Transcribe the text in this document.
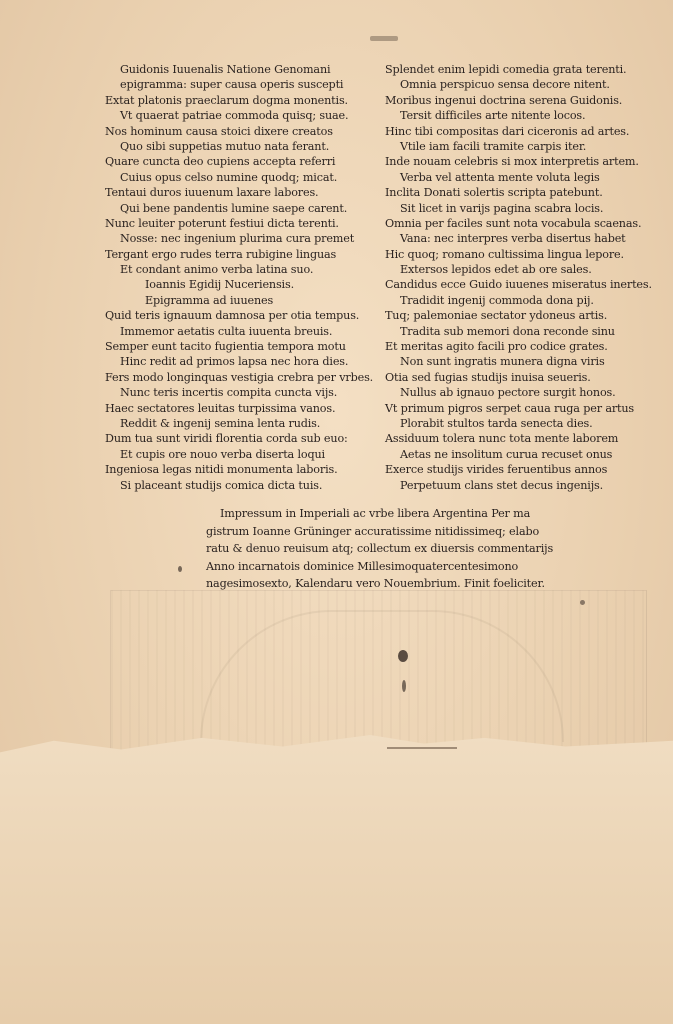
Guidonis Iuuenalis Natione Genomani
epigramma: super causa operis suscepti
Extat platonis praeclarum dogma monentis.
Vt quaerat patriae commoda quisq; suae.
Nos hominum causa stoici dixere creatos
Quo sibi suppetias mutuo nata ferant.
Quare cuncta deo cupiens accepta referri
Cuius opus celso numine quodq; micat.
Tentaui duros iuuenum laxare labores.
Qui bene pandentis lumine saepe carent.
Nunc leuiter poterunt festiui dicta terenti.
Nosse: nec ingenium plurima cura premet
Tergant ergo rudes terra rubigine linguas
Et condant animo verba latina suo.
Ioannis Egidij Nuceriensis.
Epigramma ad iuuenes
Quid teris ignauum damnosa per otia tempus.
Immemor aetatis culta iuuenta breuis.
Semper eunt tacito fugientia tempora motu
Hinc redit ad primos lapsa nec hora dies.
Fers modo longinquas vestigia crebra per vrbes.
Nunc teris incertis compita cuncta vijs.
Haec sectatores leuitas turpissima vanos.
Reddit & ingenij semina lenta rudis.
Dum tua sunt viridi florentia corda sub euo:
Et cupis ore nouo verba diserta loqui
Ingeniosa legas nitidi monumenta laboris.
Si placeant studijs comica dicta tuis.
Splendet enim lepidi comedia grata terenti.
Omnia perspicuo sensa decore nitent.
Moribus ingenui doctrina serena Guidonis.
Tersit difficiles arte nitente locos.
Hinc tibi compositas dari ciceronis ad artes.
Vtile iam facili tramite carpis iter.
Inde nouam celebris si mox interpretis artem.
Verba vel attenta mente voluta legis
Inclita Donati solertis scripta patebunt.
Sit licet in varijs pagina scabra locis.
Omnia per faciles sunt nota vocabula scaenas.
Vana: nec interpres verba disertus habet
Hic quoq; romano cultissima lingua lepore.
Extersos lepidos edet ab ore sales.
Candidus ecce Guido iuuenes miseratus inertes.
Tradidit ingenij commoda dona pij.
Tuq; palemoniae sectator ydoneus artis.
Tradita sub memori dona reconde sinu
Et meritas agito facili pro codice grates.
Non sunt ingratis munera digna viris
Otia sed fugias studijs inuisa seueris.
Nullus ab ignauo pectore surgit honos.
Vt primum pigros serpet caua ruga per artus
Plorabit stultos tarda senecta dies.
Assiduum tolera nunc tota mente laborem
Aetas ne insolitum curua recuset onus
Exerce studijs virides feruentibus annos
Perpetuum clans stet decus ingenijs.
Impressum in Imperiali ac vrbe libera Argentina Per ma
gistrum Ioanne Grüninger accuratissime nitidissimeq; elabo
ratu & denuo reuisum atq; collectum ex diuersis commentarijs
Anno incarnatois dominice Millesimoquatercentesimono
nagesimosexto, Kalendaru vero Nouembrium. Finit foeliciter.
